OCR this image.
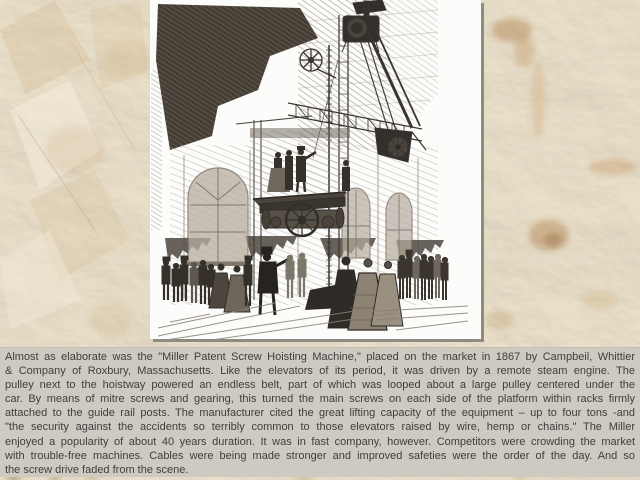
Almost as elaborate was the "Miller Patent Screw Hoisting Machine," placed on the market in 1867 by Campbeil, Whittier
& Company of Roxbury, Massachusetts. Like the elevators of its period, it was driven by a remote steam engine. The
pulley next to the hoistway powered an endless belt, part of which was looped about a large pulley centered under the
car. By means of mitre screws and gearing, this turned the main screws on each side of the platform within racks firmly
attached to the guide rail posts. The manufacturer cited the great lifting capacity of the equipment – up to four tons -and
"the security against the accidents so terribly common to those elevators raised by wire, hemp or chains." The Miller
enjoyed a popularity of about 40 years duration. It was in fast company, however. Competitors were crowding the market
with trouble-free machines. Cables were being made stronger and improved safeties were the order of the day. And so
the screw drive faded from the scene.
